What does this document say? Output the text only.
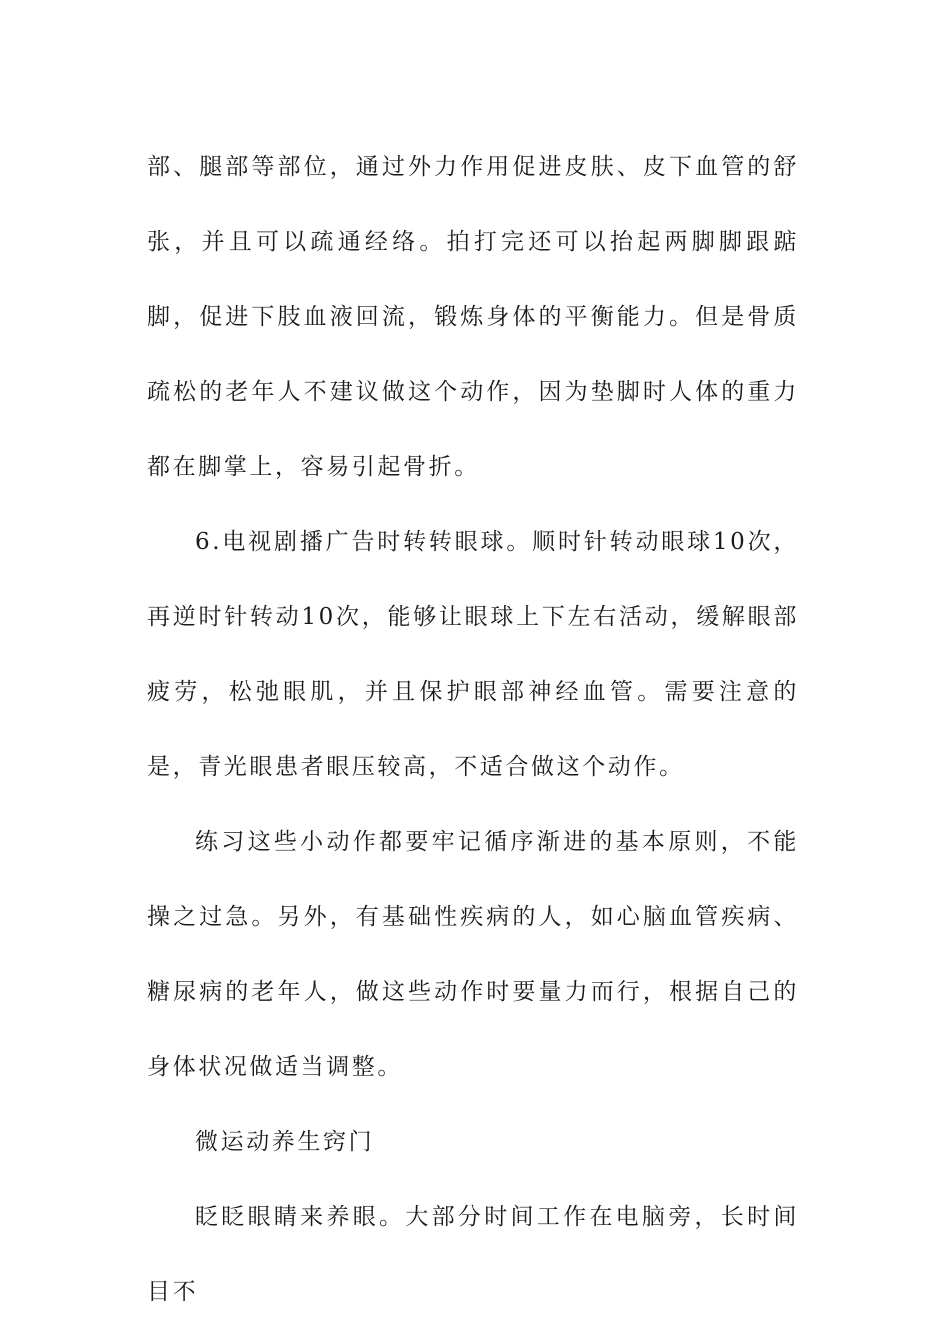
部、腿部等部位，通过外力作用促进皮肤、皮下血管的舒张，并且可以疏通经络。拍打完还可以抬起两脚脚跟踮脚，促进下肢血液回流，锻炼身体的平衡能力。但是骨质疏松的老年人不建议做这个动作，因为垫脚时人体的重力都在脚掌上，容易引起骨折。

6.电视剧播广告时转转眼球。顺时针转动眼球10次，再逆时针转动10次，能够让眼球上下左右活动，缓解眼部疲劳，松弛眼肌，并且保护眼部神经血管。需要注意的是，青光眼患者眼压较高，不适合做这个动作。

练习这些小动作都要牢记循序渐进的基本原则，不能操之过急。另外，有基础性疾病的人，如心脑血管疾病、糖尿病的老年人，做这些动作时要量力而行，根据自己的身体状况做适当调整。

微运动养生窍门

眨眨眼睛来养眼。大部分时间工作在电脑旁，长时间目不
